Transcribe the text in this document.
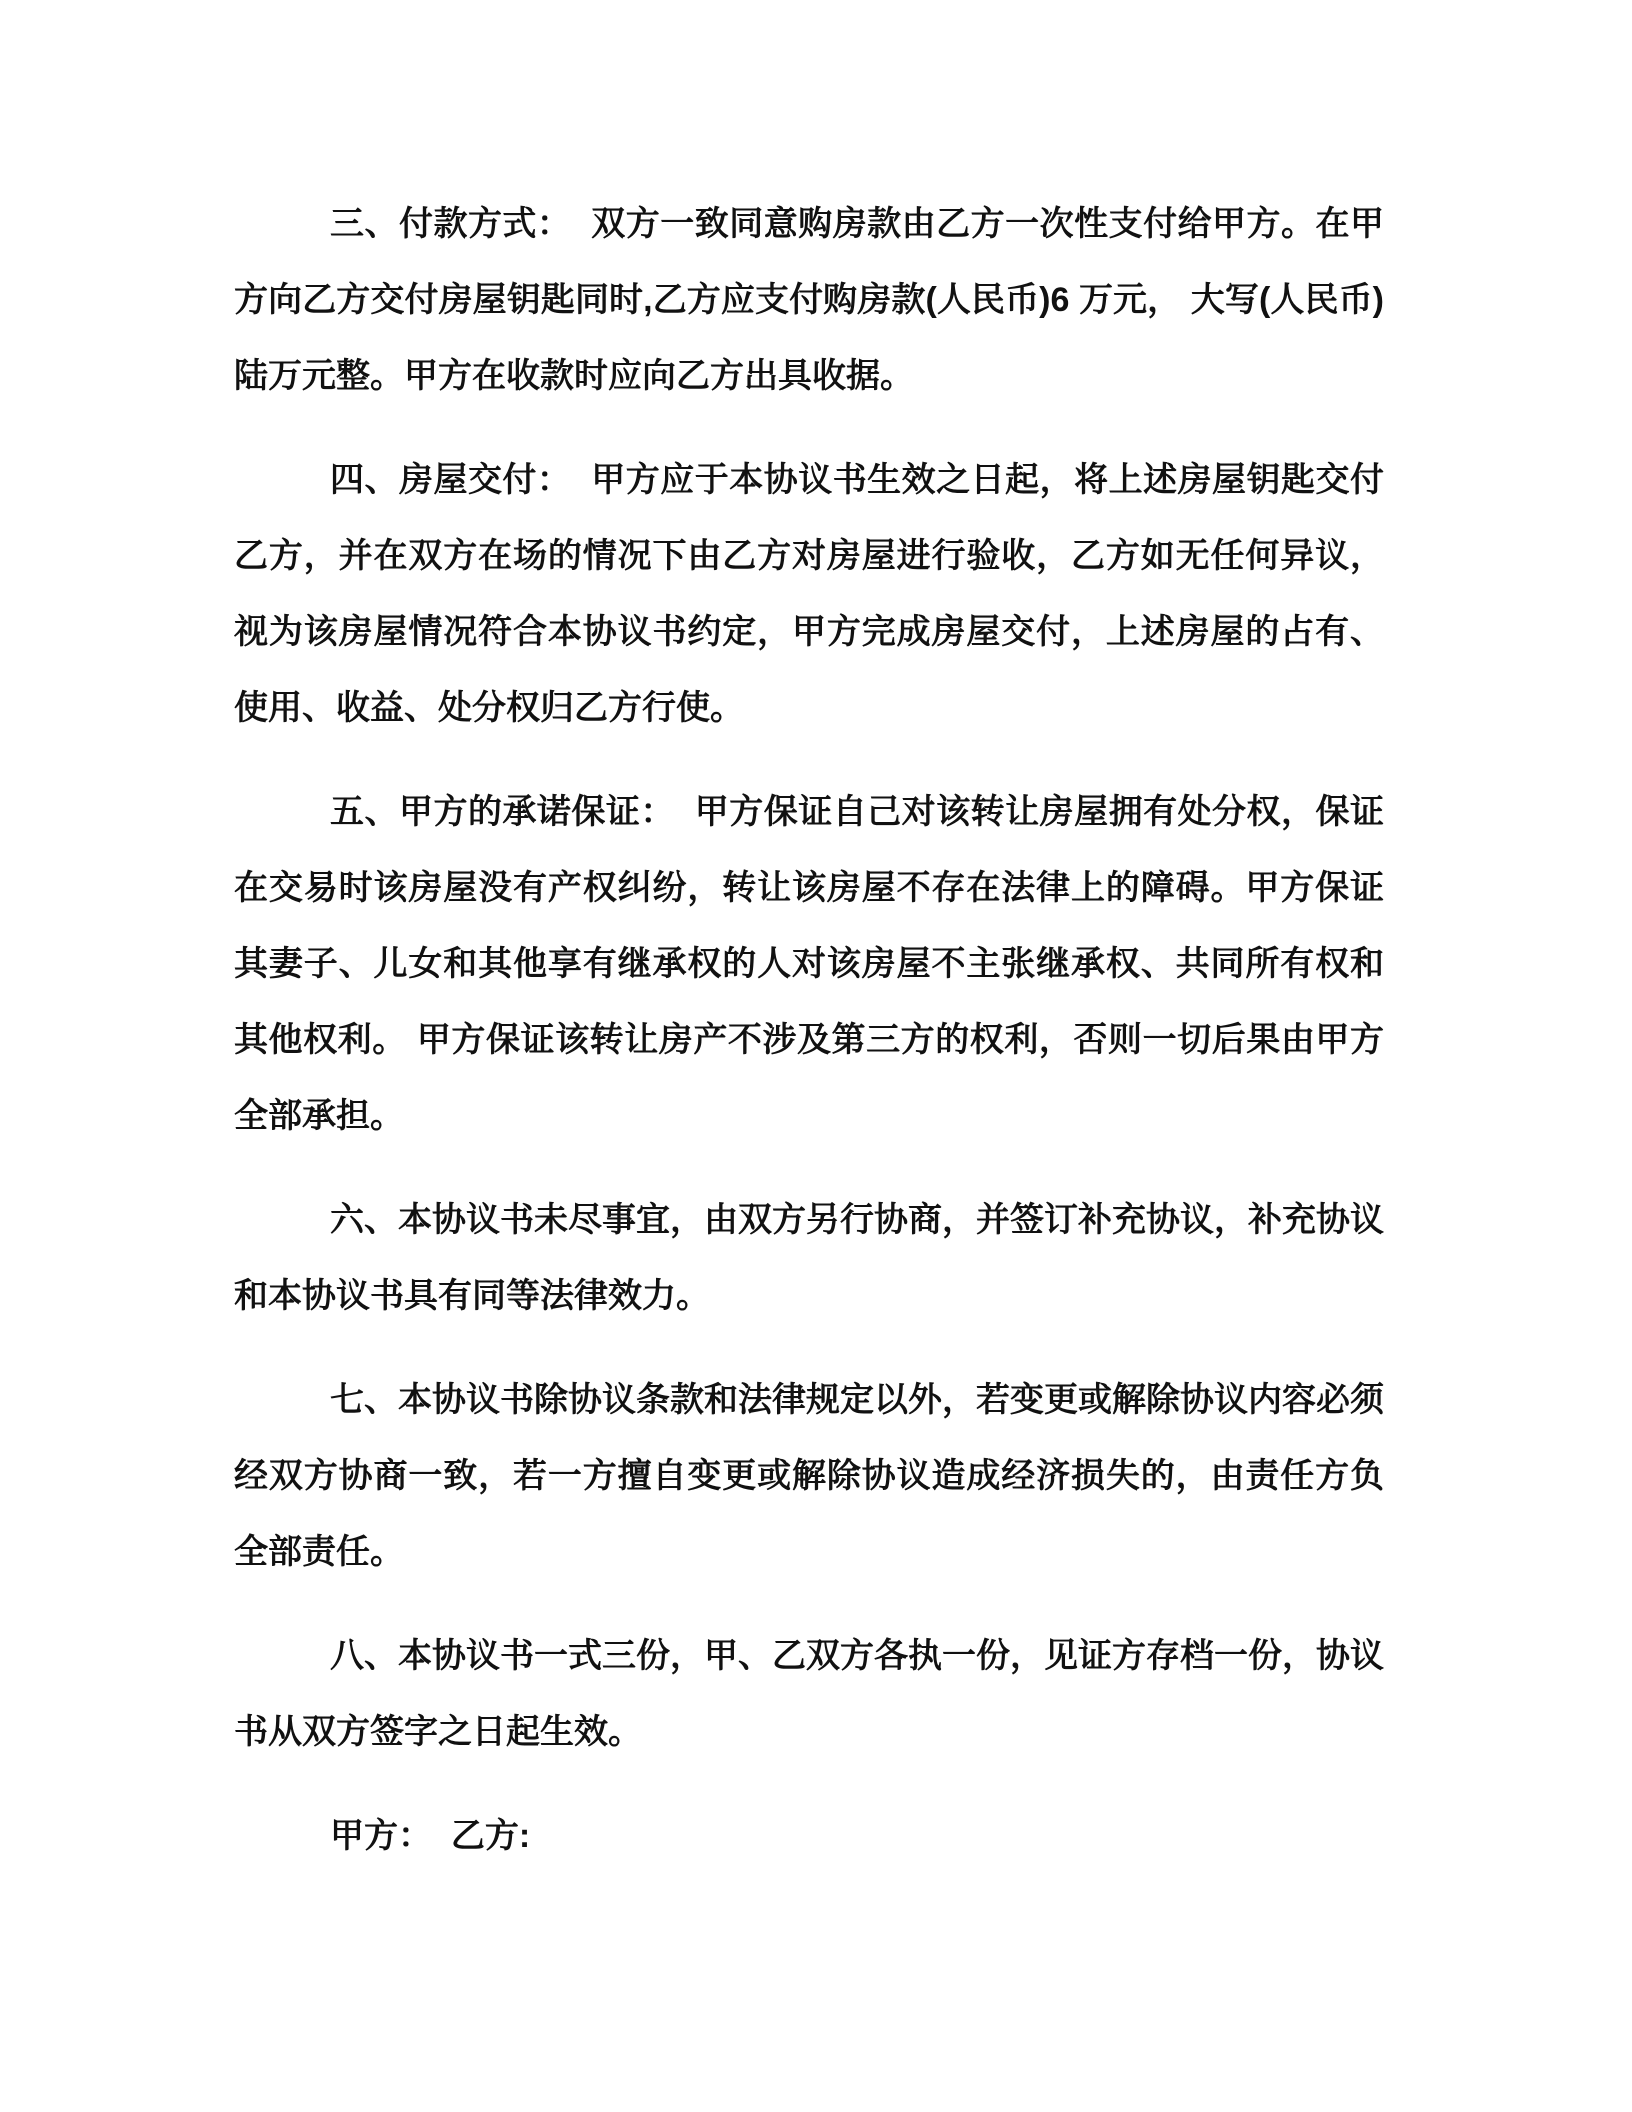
三、付款方式：  双方一致同意购房款由乙方一次性支付给甲方。在甲方向乙方交付房屋钥匙同时,乙方应支付购房款(人民币)6 万元， 大写(人民币)陆万元整。甲方在收款时应向乙方出具收据。

四、房屋交付：  甲方应于本协议书生效之日起，将上述房屋钥匙交付乙方，并在双方在场的情况下由乙方对房屋进行验收，乙方如无任何异议，视为该房屋情况符合本协议书约定，甲方完成房屋交付，上述房屋的占有、使用、收益、处分权归乙方行使。

五、甲方的承诺保证：  甲方保证自己对该转让房屋拥有处分权，保证在交易时该房屋没有产权纠纷，转让该房屋不存在法律上的障碍。甲方保证其妻子、儿女和其他享有继承权的人对该房屋不主张继承权、共同所有权和其他权利。 甲方保证该转让房产不涉及第三方的权利，否则一切后果由甲方全部承担。

六、本协议书未尽事宜，由双方另行协商，并签订补充协议，补充协议和本协议书具有同等法律效力。

七、本协议书除协议条款和法律规定以外，若变更或解除协议内容必须经双方协商一致，若一方擅自变更或解除协议造成经济损失的，由责任方负全部责任。

八、本协议书一式三份，甲、乙双方各执一份，见证方存档一份，协议书从双方签字之日起生效。

甲方：  乙方:
